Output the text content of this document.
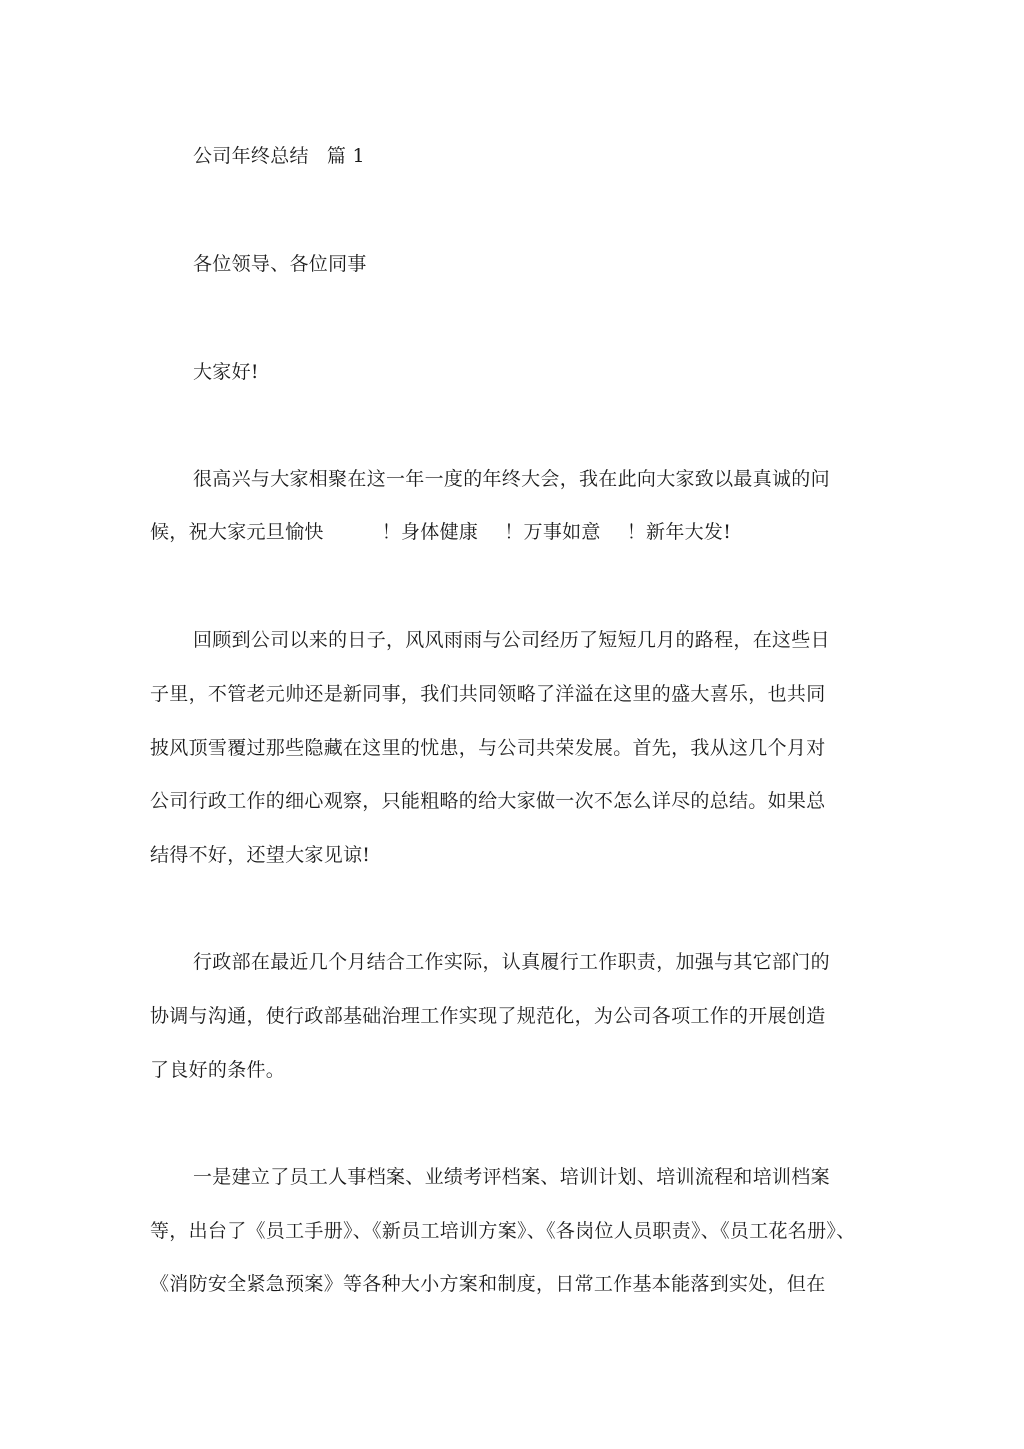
公司年终总结 篇 1
各位领导、各位同事
大家好!
很高兴与大家相聚在这一年一度的年终大会，我在此向大家致以最真诚的问
候，祝大家元旦愉快	！身体健康 ！万事如意 ！新年大发!
回顾到公司以来的日子，风风雨雨与公司经历了短短几月的路程，在这些日
子里，不管老元帅还是新同事，我们共同领略了洋溢在这里的盛大喜乐，也共同
披风顶雪覆过那些隐藏在这里的忧患，与公司共荣发展。首先，我从这几个月对
公司行政工作的细心观察，只能粗略的给大家做一次不怎么详尽的总结。如果总
结得不好，还望大家见谅!
行政部在最近几个月结合工作实际，认真履行工作职责，加强与其它部门的
协调与沟通，使行政部基础治理工作实现了规范化，为公司各项工作的开展创造
了良好的条件。
一是建立了员工人事档案、业绩考评档案、培训计划、培训流程和培训档案
等，出台了《员工手册》、《新员工培训方案》、《各岗位人员职责》、《员工花名册》、
《消防安全紧急预案》等各种大小方案和制度，日常工作基本能落到实处，但在
